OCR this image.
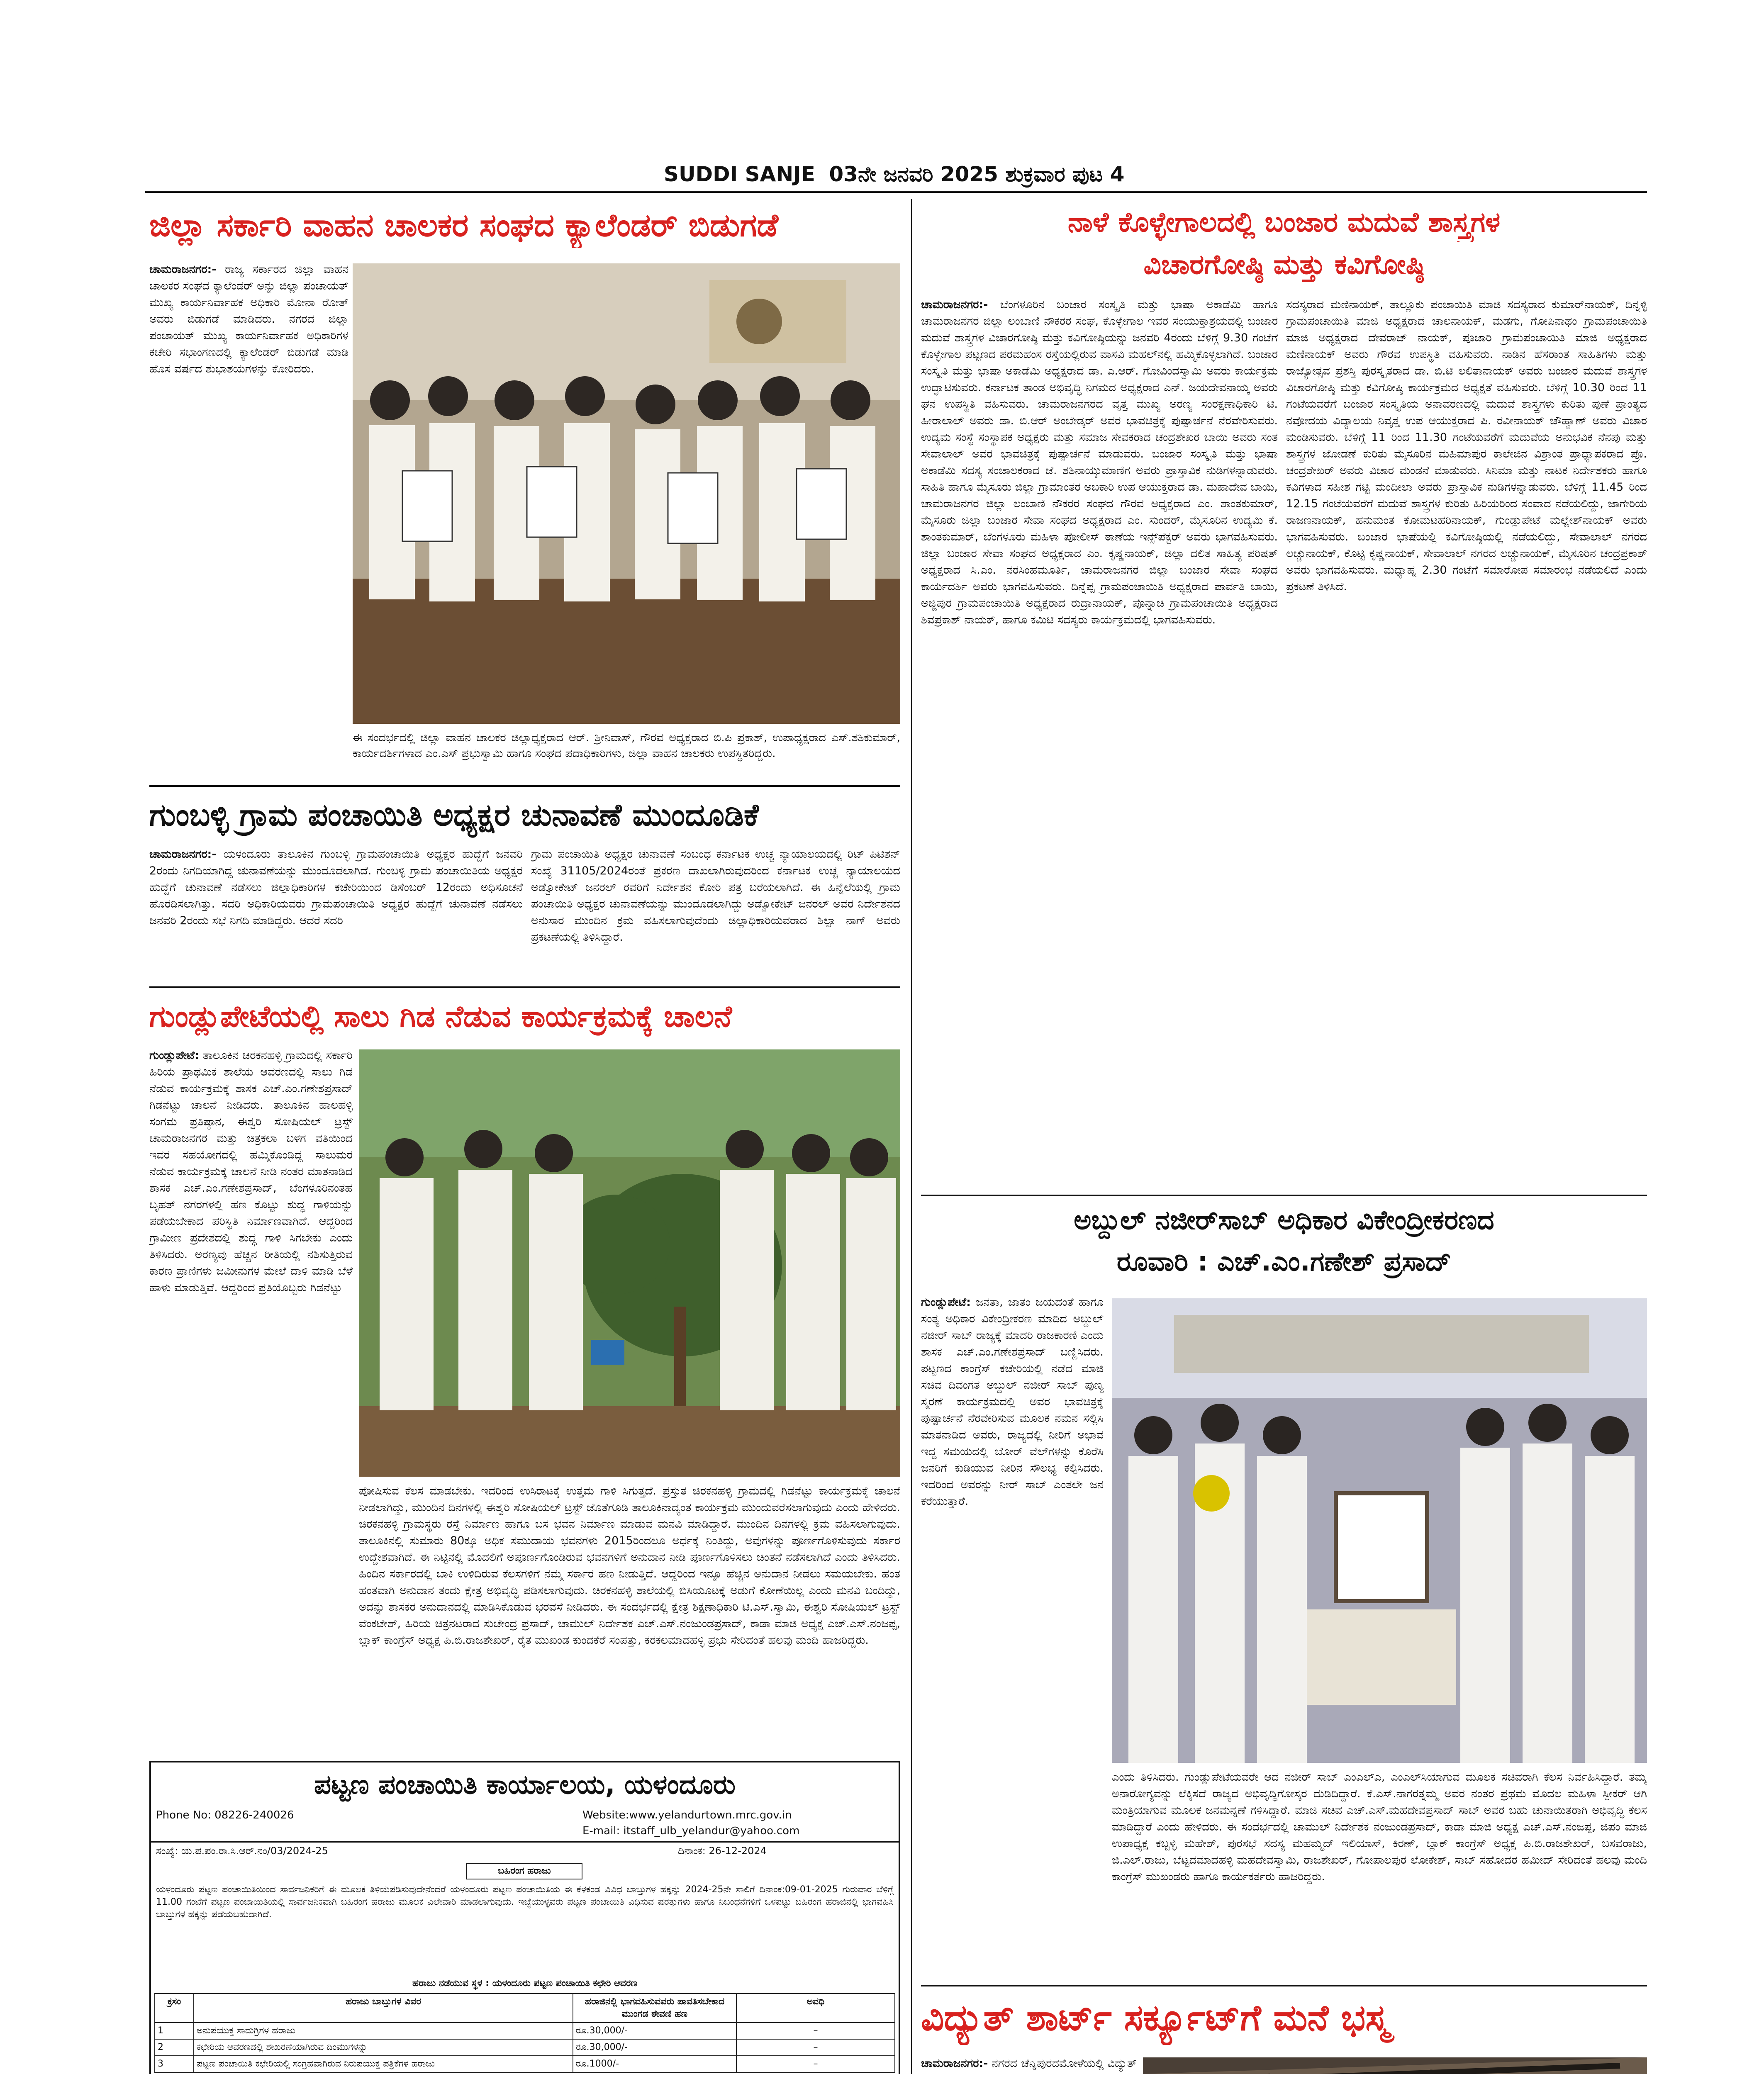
SUDDI SANJE 03ನೇ ಜನವರಿ 2025 ಶುಕ್ರವಾರ ಪುಟ 4
ಜಿಲ್ಲಾ ಸರ್ಕಾರಿ ವಾಹನ ಚಾಲಕರ ಸಂಘದ ಕ್ಯಾಲೆಂಡರ್ ಬಿಡುಗಡೆ
ಚಾಮರಾಜನಗರ:- ರಾಜ್ಯ ಸರ್ಕಾರದ ಜಿಲ್ಲಾ ವಾಹನ ಚಾಲಕರ ಸಂಘದ ಕ್ಯಾಲೆಂಡರ್ ಅನ್ನು ಜಿಲ್ಲಾ ಪಂಚಾಯತ್ ಮುಖ್ಯ ಕಾರ್ಯನಿರ್ವಾಹಕ ಅಧಿಕಾರಿ ಮೋನಾ ರೋತ್ ಅವರು ಬಿಡುಗಡೆ ಮಾಡಿದರು. ನಗರದ ಜಿಲ್ಲಾ ಪಂಚಾಯತ್ ಮುಖ್ಯ ಕಾರ್ಯನಿರ್ವಾಹಕ ಅಧಿಕಾರಿಗಳ ಕಚೇರಿ ಸಭಾಂಗಣದಲ್ಲಿ ಕ್ಯಾಲೆಂಡರ್ ಬಿಡುಗಡೆ ಮಾಡಿ ಹೊಸ ವರ್ಷದ ಶುಭಾಶಯಗಳನ್ನು ಕೋರಿದರು.
ಈ ಸಂದರ್ಭದಲ್ಲಿ ಜಿಲ್ಲಾ ವಾಹನ ಚಾಲಕರ ಜಿಲ್ಲಾಧ್ಯಕ್ಷರಾದ ಆರ್. ಶ್ರೀನಿವಾಸ್, ಗೌರವ ಅಧ್ಯಕ್ಷರಾದ ಬಿ.ಪಿ ಪ್ರಕಾಶ್, ಉಪಾಧ್ಯಕ್ಷರಾದ ಎಸ್.ಶಶಿಕುಮಾರ್, ಕಾರ್ಯದರ್ಶಿಗಳಾದ ಎಂ.ಎಸ್ ಪ್ರಭುಸ್ವಾಮಿ ಹಾಗೂ ಸಂಘದ ಪದಾಧಿಕಾರಿಗಳು, ಜಿಲ್ಲಾ ವಾಹನ ಚಾಲಕರು ಉಪಸ್ಥಿತರಿದ್ದರು.
ಗುಂಬಳ್ಳಿ ಗ್ರಾಮ ಪಂಚಾಯಿತಿ ಅಧ್ಯಕ್ಷರ ಚುನಾವಣೆ ಮುಂದೂಡಿಕೆ
ಚಾಮರಾಜನಗರ:- ಯಳಂದೂರು ತಾಲೂಕಿನ ಗುಂಬಳ್ಳಿ ಗ್ರಾಮಪಂಚಾಯಿತಿ ಅಧ್ಯಕ್ಷರ ಹುದ್ದೆಗೆ ಜನವರಿ 2ರಂದು ನಿಗದಿಯಾಗಿದ್ದ ಚುನಾವಣೆಯನ್ನು ಮುಂದೂಡಲಾಗಿದೆ. ಗುಂಬಳ್ಳಿ ಗ್ರಾಮ ಪಂಚಾಯಿತಿಯ ಅಧ್ಯಕ್ಷರ ಹುದ್ದೆಗೆ ಚುನಾವಣೆ ನಡೆಸಲು ಜಿಲ್ಲಾಧಿಕಾರಿಗಳ ಕಚೇರಿಯಿಂದ ಡಿಸೆಂಬರ್ 12ರಂದು ಅಧಿಸೂಚನೆ ಹೊರಡಿಸಲಾಗಿತ್ತು. ಸದರಿ ಅಧಿಕಾರಿಯವರು ಗ್ರಾಮಪಂಚಾಯಿತಿ ಅಧ್ಯಕ್ಷರ ಹುದ್ದೆಗೆ ಚುನಾವಣೆ ನಡೆಸಲು ಜನವರಿ 2ರಂದು ಸಭೆ ನಿಗದಿ ಮಾಡಿದ್ದರು. ಆದರೆ ಸದರಿ
ಗ್ರಾಮ ಪಂಚಾಯಿತಿ ಅಧ್ಯಕ್ಷರ ಚುನಾವಣೆ ಸಂಬಂಧ ಕರ್ನಾಟಕ ಉಚ್ಚ ನ್ಯಾಯಾಲಯದಲ್ಲಿ ರಿಟ್ ಪಿಟಿಶನ್ ಸಂಖ್ಯೆ 31105/2024ರಂತೆ ಪ್ರಕರಣ ದಾಖಲಾಗಿರುವುದರಿಂದ ಕರ್ನಾಟಕ ಉಚ್ಚ ನ್ಯಾಯಾಲಯದ ಅಡ್ವೋಕೇಟ್ ಜನರಲ್ ರವರಿಗೆ ನಿರ್ದೇಶನ ಕೋರಿ ಪತ್ರ ಬರೆಯಲಾಗಿದೆ. ಈ ಹಿನ್ನೆಲೆಯಲ್ಲಿ ಗ್ರಾಮ ಪಂಚಾಯಿತಿ ಅಧ್ಯಕ್ಷರ ಚುನಾವಣೆಯನ್ನು ಮುಂದೂಡಲಾಗಿದ್ದು ಅಡ್ವೋಕೇಟ್ ಜನರಲ್ ಅವರ ನಿರ್ದೇಶನದ ಅನುಸಾರ ಮುಂದಿನ ಕ್ರಮ ವಹಿಸಲಾಗುವುದೆಂದು ಜಿಲ್ಲಾಧಿಕಾರಿಯವರಾದ ಶಿಲ್ಪಾ ನಾಗ್ ಅವರು ಪ್ರಕಟಣೆಯಲ್ಲಿ ತಿಳಿಸಿದ್ದಾರೆ.
ಗುಂಡ್ಲುಪೇಟೆಯಲ್ಲಿ ಸಾಲು ಗಿಡ ನೆಡುವ ಕಾರ್ಯಕ್ರಮಕ್ಕೆ ಚಾಲನೆ
ಗುಂಡ್ಲುಪೇಟೆ: ತಾಲೂಕಿನ ಚಿರಕನಹಳ್ಳಿ ಗ್ರಾಮದಲ್ಲಿ ಸರ್ಕಾರಿ ಹಿರಿಯ ಪ್ರಾಥಮಿಕ ಶಾಲೆಯ ಆವರಣದಲ್ಲಿ ಸಾಲು ಗಿಡ ನೆಡುವ ಕಾರ್ಯಕ್ರಮಕ್ಕೆ ಶಾಸಕ ಎಚ್.ಎಂ.ಗಣೇಶಪ್ರಸಾದ್ ಗಿಡನೆಟ್ಟು ಚಾಲನೆ ನೀಡಿದರು. ತಾಲೂಕಿನ ಹಾಲಹಳ್ಳಿ ಸಂಗಮ ಪ್ರತಿಷ್ಠಾನ, ಈಶ್ವರಿ ಸೋಷಿಯಲ್ ಟ್ರಸ್ಟ್ ಚಾಮರಾಜನಗರ ಮತ್ತು ಚಿತ್ರಕಲಾ ಬಳಗ ವತಿಯಿಂದ ಇವರ ಸಹಯೋಗದಲ್ಲಿ ಹಮ್ಮಿಕೊಂಡಿದ್ದ ಸಾಲುಮರ ನೆಡುವ ಕಾರ್ಯಕ್ರಮಕ್ಕೆ ಚಾಲನೆ ನೀಡಿ ನಂತರ ಮಾತನಾಡಿದ ಶಾಸಕ ಎಚ್.ಎಂ.ಗಣೇಶಪ್ರಸಾದ್, ಬೆಂಗಳೂರಿನಂತಹ ಬೃಹತ್ ನಗರಗಳಲ್ಲಿ ಹಣ ಕೊಟ್ಟು ಶುದ್ಧ ಗಾಳಿಯನ್ನು ಪಡೆಯಬೇಕಾದ ಪರಿಸ್ಥಿತಿ ನಿರ್ಮಾಣವಾಗಿದೆ. ಆದ್ದರಿಂದ ಗ್ರಾಮೀಣ ಪ್ರದೇಶದಲ್ಲಿ ಶುದ್ಧ ಗಾಳಿ ಸಿಗಬೇಕು ಎಂದು ತಿಳಿಸಿದರು. ಅರಣ್ಯವು ಹೆಚ್ಚಿನ ರೀತಿಯಲ್ಲಿ ನಶಿಸುತ್ತಿರುವ ಕಾರಣ ಪ್ರಾಣಿಗಳು ಜಮೀನುಗಳ ಮೇಲೆ ದಾಳಿ ಮಾಡಿ ಬೆಳೆ ಹಾಳು ಮಾಡುತ್ತಿವೆ. ಆದ್ದರಿಂದ ಪ್ರತಿಯೊಬ್ಬರು ಗಿಡನೆಟ್ಟು
ಪೋಷಿಸುವ ಕೆಲಸ ಮಾಡಬೇಕು. ಇದರಿಂದ ಉಸಿರಾಟಕ್ಕೆ ಉತ್ತಮ ಗಾಳಿ ಸಿಗುತ್ತದೆ. ಪ್ರಸ್ತುತ ಚಿರಕನಹಳ್ಳಿ ಗ್ರಾಮದಲ್ಲಿ ಗಿಡನೆಟ್ಟು ಕಾರ್ಯಕ್ರಮಕ್ಕೆ ಚಾಲನೆ ನೀಡಲಾಗಿದ್ದು, ಮುಂದಿನ ದಿನಗಳಲ್ಲಿ ಈಶ್ವರಿ ಸೋಷಿಯಲ್ ಟ್ರಸ್ಟ್ ಜೊತೆಗೂಡಿ ತಾಲೂಕಿನಾದ್ಯಂತ ಕಾರ್ಯಕ್ರಮ ಮುಂದುವರೆಸಲಾಗುವುದು ಎಂದು ಹೇಳಿದರು. ಚಿರಕನಹಳ್ಳಿ ಗ್ರಾಮಸ್ಥರು ರಸ್ತೆ ನಿರ್ಮಾಣ ಹಾಗೂ ಬಸ ಭವನ ನಿರ್ಮಾಣ ಮಾಡುವ ಮನವಿ ಮಾಡಿದ್ದಾರೆ. ಮುಂದಿನ ದಿನಗಳಲ್ಲಿ ಕ್ರಮ ವಹಿಸಲಾಗುವುದು. ತಾಲೂಕಿನಲ್ಲಿ ಸುಮಾರು 80ಕ್ಕೂ ಅಧಿಕ ಸಮುದಾಯ ಭವನಗಳು 2015ರಿಂದಲೂ ಅರ್ಧಕ್ಕೆ ನಿಂತಿದ್ದು, ಅವುಗಳನ್ನು ಪೂರ್ಣಗೊಳಿಸುವುದು ಸರ್ಕಾರ ಉದ್ದೇಶವಾಗಿದೆ. ಈ ನಿಟ್ಟಿನಲ್ಲಿ ಮೊದಲಿಗೆ ಅಪೂರ್ಣಗೊಂಡಿರುವ ಭವನಗಳಿಗೆ ಅನುದಾನ ನೀಡಿ ಪೂರ್ಣಗೊಳಿಸಲು ಚಿಂತನೆ ನಡೆಸಲಾಗಿದೆ ಎಂದು ತಿಳಿಸಿದರು. ಹಿಂದಿನ ಸರ್ಕಾರದಲ್ಲಿ ಬಾಕಿ ಉಳಿದಿರುವ ಕೆಲಸಗಳಿಗೆ ನಮ್ಮ ಸರ್ಕಾರ ಹಣ ನೀಡುತ್ತಿದೆ. ಆದ್ದರಿಂದ ಇನ್ನೂ ಹೆಚ್ಚಿನ ಅನುದಾನ ನೀಡಲು ಸಮಯಬೇಕು. ಹಂತ ಹಂತವಾಗಿ ಅನುದಾನ ತಂದು ಕ್ಷೇತ್ರ ಅಭಿವೃದ್ಧಿ ಪಡಿಸಲಾಗುವುದು. ಚಿರಕನಹಳ್ಳಿ ಶಾಲೆಯಲ್ಲಿ ಬಿಸಿಯೂಟಕ್ಕೆ ಅಡುಗೆ ಕೋಣೆಯಿಲ್ಲ ಎಂದು ಮನವಿ ಬಂದಿದ್ದು, ಅದನ್ನು ಶಾಸಕರ ಅನುದಾನದಲ್ಲಿ ಮಾಡಿಸಿಕೊಡುವ ಭರವಸೆ ನೀಡಿದರು. ಈ ಸಂದರ್ಭದಲ್ಲಿ ಕ್ಷೇತ್ರ ಶಿಕ್ಷಣಾಧಿಕಾರಿ ಟಿ.ಎಸ್.ಸ್ವಾಮಿ, ಈಶ್ವರಿ ಸೋಷಿಯಲ್ ಟ್ರಸ್ಟ್ ವೆಂಕಟೇಶ್, ಹಿರಿಯ ಚಿತ್ರನಟರಾದ ಸುಚೇಂದ್ರ ಪ್ರಸಾದ್, ಚಾಮುಲ್ ನಿರ್ದೇಶಕ ಎಚ್.ಎಸ್.ನಂಜುಂಡಪ್ರಸಾದ್, ಕಾಡಾ ಮಾಜಿ ಅಧ್ಯಕ್ಷ ಎಚ್.ಎಸ್.ನಂಜಪ್ಪ, ಬ್ಲಾಕ್ ಕಾಂಗ್ರೆಸ್ ಅಧ್ಯಕ್ಷ ಪಿ.ಬಿ.ರಾಜಶೇಖರ್, ರೈತ ಮುಖಂಡ ಕುಂದಕೆರೆ ಸಂಪತ್ತು, ಕರಕಲಮಾದಹಳ್ಳಿ ಪ್ರಭು ಸೇರಿದಂತೆ ಹಲವು ಮಂದಿ ಹಾಜರಿದ್ದರು.
ಪಟ್ಟಣ ಪಂಚಾಯಿತಿ ಕಾರ್ಯಾಲಯ, ಯಳಂದೂರು
Phone No: 08226-240026	Website:www.yelandurtown.mrc.gov.in
E-mail: itstaff_ulb_yelandur@yahoo.com
ಸಂಖ್ಯೆ: ಯ.ಪ.ಪಂ.ರಾ.ಸಿ.ಆರ್.ನಂ/03/2024-25	ದಿನಾಂಕ: 26-12-2024
ಬಹಿರಂಗ ಹರಾಜು
ಯಳಂದೂರು ಪಟ್ಟಣ ಪಂಚಾಯಿತಿಯಿಂದ ಸಾರ್ವಜನಿಕರಿಗೆ ಈ ಮೂಲಕ ತಿಳಿಯಪಡಿಸುವುದೇನೆಂದರೆ ಯಳಂದೂರು ಪಟ್ಟಣ ಪಂಚಾಯಿತಿಯ ಈ ಕೆಳಕಂಡ ವಿವಿಧ ಬಾಬ್ತುಗಳ ಹಕ್ಕನ್ನು 2024-25ನೇ ಸಾಲಿಗೆ ದಿನಾಂಕ:09-01-2025 ಗುರುವಾರ ಬೆಳಿಗ್ಗೆ 11.00 ಗಂಟೆಗೆ ಪಟ್ಟಣ ಪಂಚಾಯಿತಿಯಲ್ಲಿ ಸಾರ್ವಜನಿಕವಾಗಿ ಬಹಿರಂಗ ಹರಾಜು ಮೂಲಕ ವಿಲೇವಾರಿ ಮಾಡಲಾಗುವುದು. ಇಚ್ಛೆಯುಳ್ಳವರು ಪಟ್ಟಣ ಪಂಚಾಯಿತಿ ವಿಧಿಸುವ ಷರತ್ತುಗಳು ಹಾಗೂ ನಿಬಂಧನೆಗಳಿಗೆ ಒಳಪಟ್ಟು ಬಹಿರಂಗ ಹರಾಜಿನಲ್ಲಿ ಭಾಗವಹಿಸಿ ಬಾಬ್ತುಗಳ ಹಕ್ಕನ್ನು ಪಡೆಯಬಹುದಾಗಿದೆ.
ಹರಾಜು ನಡೆಯುವ ಸ್ಥಳ : ಯಳಂದೂರು ಪಟ್ಟಣ ಪಂಚಾಯಿತಿ ಕಛೇರಿ ಆವರಣ
ಕ್ರಸಂ	ಹರಾಜು ಬಾಬ್ತುಗಳ ವಿವರ	ಹರಾಜಿನಲ್ಲಿ ಭಾಗವಹಿಸುವವರು ಪಾವತಿಸಬೇಕಾದ ಮುಂಗಡ ಠೇವಣಿ ಹಣ	ಅವಧಿ
1	ಅನುಪಯುಕ್ತ ಸಾಮಗ್ರಿಗಳ ಹರಾಜು	ರೂ.30,000/-	–
2	ಕಛೇರಿಯ ಆವರಣದಲ್ಲಿ ಶೇಖರಣೆಯಾಗಿರುವ ದಿಂಮುಗಳನ್ನು	ರೂ.30,000/-	–
3	ಪಟ್ಟಣ ಪಂಚಾಯಿತಿ ಕಛೇರಿಯಲ್ಲಿ ಸಂಗ್ರಹವಾಗಿರುವ ನಿರುಪಯುಕ್ತ ಪತ್ರಿಕೆಗಳ ಹರಾಜು	ರೂ.1000/-	–

ನಾಳೆ ಕೊಳ್ಳೇಗಾಲದಲ್ಲಿ ಬಂಜಾರ ಮದುವೆ ಶಾಸ್ತ್ರಗಳ
ವಿಚಾರಗೋಷ್ಠಿ ಮತ್ತು ಕವಿಗೋಷ್ಠಿ
ಚಾಮರಾಜನಗರ:- ಬೆಂಗಳೂರಿನ ಬಂಜಾರ ಸಂಸ್ಕೃತಿ ಮತ್ತು ಭಾಷಾ ಅಕಾಡೆಮಿ ಹಾಗೂ ಚಾಮರಾಜನಗರ ಜಿಲ್ಲಾ ಲಂಬಾಣಿ ನೌಕರರ ಸಂಘ, ಕೊಳ್ಳೇಗಾಲ ಇವರ ಸಂಯುಕ್ತಾಶ್ರಯದಲ್ಲಿ ಬಂಜಾರ ಮದುವೆ ಶಾಸ್ತ್ರಗಳ ವಿಚಾರಗೋಷ್ಠಿ ಮತ್ತು ಕವಿಗೋಷ್ಠಿಯನ್ನು ಜನವರಿ 4ರಂದು ಬೆಳಿಗ್ಗೆ 9.30 ಗಂಟೆಗೆ ಕೊಳ್ಳೇಗಾಲ ಪಟ್ಟಣದ ಪರಮಹಂಸ ರಸ್ತೆಯಲ್ಲಿರುವ ವಾಸವಿ ಮಹಲ್‌ನಲ್ಲಿ ಹಮ್ಮಿಕೊಳ್ಳಲಾಗಿದೆ. ಬಂಜಾರ ಸಂಸ್ಕೃತಿ ಮತ್ತು ಭಾಷಾ ಅಕಾಡೆಮಿ ಅಧ್ಯಕ್ಷರಾದ ಡಾ. ಎ.ಆರ್. ಗೋವಿಂದಸ್ವಾಮಿ ಅವರು ಕಾರ್ಯಕ್ರಮ ಉದ್ಘಾಟಿಸುವರು. ಕರ್ನಾಟಕ ತಾಂಡ ಅಭಿವೃದ್ಧಿ ನಿಗಮದ ಅಧ್ಯಕ್ಷರಾದ ಎನ್. ಜಯದೇವನಾಯ್ಕ ಅವರು ಘನ ಉಪಸ್ಥಿತಿ ವಹಿಸುವರು. ಚಾಮರಾಜನಗರದ ವೃತ್ತ ಮುಖ್ಯ ಅರಣ್ಯ ಸಂರಕ್ಷಣಾಧಿಕಾರಿ ಟಿ. ಹೀರಾಲಾಲ್ ಅವರು ಡಾ. ಬಿ.ಆರ್ ಅಂಬೇಡ್ಕರ್ ಅವರ ಭಾವಚಿತ್ರಕ್ಕೆ ಪುಷ್ಪಾರ್ಚನೆ ನೆರವೇರಿಸುವರು. ಉದ್ಯಮ ಸಂಸ್ಥೆ ಸಂಸ್ಥಾಪಕ ಅಧ್ಯಕ್ಷರು ಮತ್ತು ಸಮಾಜ ಸೇವಕರಾದ ಚಂದ್ರಶೇಖರ ಬಾಯಿ ಅವರು ಸಂತ ಸೇವಾಲಾಲ್ ಅವರ ಭಾವಚಿತ್ರಕ್ಕೆ ಪುಷ್ಪಾರ್ಚನೆ ಮಾಡುವರು. ಬಂಜಾರ ಸಂಸ್ಕೃತಿ ಮತ್ತು ಭಾಷಾ ಅಕಾಡೆಮಿ ಸದಸ್ಯ ಸಂಚಾಲಕರಾದ ಜೆ. ಶಶಿನಾಯ್ಕುಮಾಣಿಗ ಅವರು ಪ್ರಾಸ್ತಾವಿಕ ನುಡಿಗಳನ್ನಾಡುವರು. ಸಾಹಿತಿ ಹಾಗೂ ಮೈಸೂರು ಜಿಲ್ಲಾ ಗ್ರಾಮಾಂತರ ಅಬಕಾರಿ ಉಪ ಆಯುಕ್ತರಾದ ಡಾ. ಮಹಾದೇವ ಬಾಯಿ, ಚಾಮರಾಜನಗರ ಜಿಲ್ಲಾ ಲಂಬಾಣಿ ನೌಕರರ ಸಂಘದ ಗೌರವ ಅಧ್ಯಕ್ಷರಾದ ಎಂ. ಶಾಂತಕುಮಾರ್, ಮೈಸೂರು ಜಿಲ್ಲಾ ಬಂಜಾರ ಸೇವಾ ಸಂಘದ ಅಧ್ಯಕ್ಷರಾದ ಎಂ. ಸುಂದರ್, ಮೈಸೂರಿನ ಉದ್ಯಮಿ ಕೆ. ಶಾಂತಕುಮಾರ್, ಬೆಂಗಳೂರು ಮಹಿಳಾ ಪೋಲೀಸ್ ಠಾಣೆಯ ಇನ್ಸ್‌ಪೆಕ್ಟರ್ ಅವರು ಭಾಗವಹಿಸುವರು. ಜಿಲ್ಲಾ ಬಂಜಾರ ಸೇವಾ ಸಂಘದ ಅಧ್ಯಕ್ಷರಾದ ಎಂ. ಕೃಷ್ಣನಾಯಕ್, ಜಿಲ್ಲಾ ದಲಿತ ಸಾಹಿತ್ಯ ಪರಿಷತ್ ಅಧ್ಯಕ್ಷರಾದ ಸಿ.ಎಂ. ನರಸಿಂಹಮೂರ್ತಿ, ಚಾಮರಾಜನಗರ ಜಿಲ್ಲಾ ಬಂಜಾರ ಸೇವಾ ಸಂಘದ ಕಾರ್ಯದರ್ಶಿ ಅವರು ಭಾಗವಹಿಸುವರು. ದಿನ್ನೆಪ್ಪ ಗ್ರಾಮಪಂಚಾಯಿತಿ ಅಧ್ಯಕ್ಷರಾದ ಪಾರ್ವತಿ ಬಾಯಿ, ಅಜ್ಜಿಪುರ ಗ್ರಾಮಪಂಚಾಯಿತಿ ಅಧ್ಯಕ್ಷರಾದ ರುದ್ರಾನಾಯಕ್, ಪೊನ್ನಾಚಿ ಗ್ರಾಮಪಂಚಾಯಿತಿ ಅಧ್ಯಕ್ಷರಾದ ಶಿವಪ್ರಕಾಶ್ ನಾಯಕ್, ಹಾಗೂ ಕಮಿಟಿ ಸದಸ್ಯರು ಕಾರ್ಯಕ್ರಮದಲ್ಲಿ ಭಾಗವಹಿಸುವರು.
ಸದಸ್ಯರಾದ ಮಣಿನಾಯಕ್, ತಾಲ್ಲೂಕು ಪಂಚಾಯಿತಿ ಮಾಜಿ ಸದಸ್ಯರಾದ ಕುಮಾರ್‌ನಾಯಕ್, ದಿನ್ನಳ್ಳಿ ಗ್ರಾಮಪಂಚಾಯಿತಿ ಮಾಜಿ ಅಧ್ಯಕ್ಷರಾದ ಚಾಲನಾಯಕ್, ಮಡಗು, ಗೋಪಿನಾಥಂ ಗ್ರಾಮಪಂಚಾಯಿತಿ ಮಾಜಿ ಅಧ್ಯಕ್ಷರಾದ ದೇವರಾಜ್ ನಾಯಕ್, ಪೂಜಾರಿ ಗ್ರಾಮಪಂಚಾಯಿತಿ ಮಾಜಿ ಅಧ್ಯಕ್ಷರಾದ ಮಣಿನಾಯಕ್ ಅವರು ಗೌರವ ಉಪಸ್ಥಿತಿ ವಹಿಸುವರು. ನಾಡಿನ ಹೆಸರಾಂತ ಸಾಹಿತಿಗಳು ಮತ್ತು ರಾಜ್ಯೋತ್ಸವ ಪ್ರಶಸ್ತಿ ಪುರಸ್ಕೃತರಾದ ಡಾ. ಬಿ.ಟಿ ಲಲಿತಾನಾಯಕ್ ಅವರು ಬಂಜಾರ ಮದುವೆ ಶಾಸ್ತ್ರಗಳ ವಿಚಾರಗೋಷ್ಠಿ ಮತ್ತು ಕವಿಗೋಷ್ಠಿ ಕಾರ್ಯಕ್ರಮದ ಅಧ್ಯಕ್ಷತೆ ವಹಿಸುವರು. ಬೆಳಿಗ್ಗೆ 10.30 ರಿಂದ 11 ಗಂಟೆಯವರೆಗೆ ಬಂಜಾರ ಸಂಸ್ಕೃತಿಯ ಅನಾವರಣದಲ್ಲಿ ಮದುವೆ ಶಾಸ್ತ್ರಗಳು ಕುರಿತು ಪುಣೆ ಪ್ರಾಂತ್ಯದ ನವೋದಯ ವಿದ್ಯಾಲಯ ನಿವೃತ್ತ ಉಪ ಆಯುಕ್ತರಾದ ಪಿ. ರವೀನಾಯಕ್ ಚೌಹ್ವಾಣ್ ಅವರು ವಿಚಾರ ಮಂಡಿಸುವರು. ಬೆಳಿಗ್ಗೆ 11 ರಿಂದ 11.30 ಗಂಟೆಯವರೆಗೆ ಮದುವೆಯ ಅನುಭವಿಕ ನೆನಪು ಮತ್ತು ಶಾಸ್ತ್ರಗಳ ಜೋಡಣೆ ಕುರಿತು ಮೈಸೂರಿನ ಮಹಿಮಾಪುರ ಕಾಲೇಜಿನ ವಿಶ್ರಾಂತ ಪ್ರಾಧ್ಯಾಪಕರಾದ ಪ್ರೊ. ಚಂದ್ರಶೇಖರ್ ಅವರು ವಿಚಾರ ಮಂಡನೆ ಮಾಡುವರು. ಸಿನಿಮಾ ಮತ್ತು ನಾಟಕ ನಿರ್ದೇಶಕರು ಹಾಗೂ ಕವಿಗಳಾದ ಸಹೀಶ ಗಟ್ಟಿ ಮಂದೀಲಾ ಅವರು ಪ್ರಾಸ್ತಾವಿಕ ನುಡಿಗಳನ್ನಾಡುವರು. ಬೆಳಿಗ್ಗೆ 11.45 ರಿಂದ 12.15 ಗಂಟೆಯವರೆಗೆ ಮದುವೆ ಶಾಸ್ತ್ರಗಳ ಕುರಿತು ಹಿರಿಯರಿಂದ ಸಂವಾದ ನಡೆಯಲಿದ್ದು, ಜಾಗೇರಿಯ ರಾಜಣನಾಯಕ್, ಹನುಮಂತ ಕೋಮಟಹರಿನಾಯಕ್, ಗುಂಡ್ಲುಪೇಟೆ ಮಲ್ಲೇಶ್‌ನಾಯಕ್ ಅವರು ಭಾಗವಹಿಸುವರು. ಬಂಜಾರ ಭಾಷೆಯಲ್ಲಿ ಕವಿಗೋಷ್ಠಿಯಲ್ಲಿ ನಡೆಯಲಿದ್ದು, ಸೇವಾಲಾಲ್ ನಗರದ ಲಚ್ಚುನಾಯಕ್, ಕೊಟ್ಟಿ ಕೃಷ್ಣನಾಯಕ್, ಸೇವಾಲಾಲ್ ನಗರದ ಲಚ್ಚುನಾಯಕ್, ಮೈಸೂರಿನ ಚಂದ್ರಪ್ರಕಾಶ್ ಅವರು ಭಾಗವಹಿಸುವರು. ಮಧ್ಯಾಹ್ನ 2.30 ಗಂಟೆಗೆ ಸಮಾರೋಪ ಸಮಾರಂಭ ನಡೆಯಲಿದೆ ಎಂದು ಪ್ರಕಟಣೆ ತಿಳಿಸಿದೆ.
ಅಬ್ದುಲ್ ನಜೀರ್‌ಸಾಬ್ ಅಧಿಕಾರ ವಿಕೇಂದ್ರೀಕರಣದ
ರೂವಾರಿ : ಎಚ್.ಎಂ.ಗಣೇಶ್ ಪ್ರಸಾದ್
ಗುಂಡ್ಲುಪೇಟೆ: ಜನತಾ, ಜಾತಂ ಜಯದಂತೆ ಹಾಗೂ ಸಂತ್ಯ ಅಧಿಕಾರ ವಿಕೇಂದ್ರೀಕರಣ ಮಾಡಿದ ಅಬ್ದುಲ್ ನಜೀರ್ ಸಾಬ್ ರಾಜ್ಯಕ್ಕೆ ಮಾದರಿ ರಾಜಕಾರಣಿ ಎಂದು ಶಾಸಕ ಎಚ್.ಎಂ.ಗಣೇಶಪ್ರಸಾದ್ ಬಣ್ಣಿಸಿದರು. ಪಟ್ಟಣದ ಕಾಂಗ್ರೆಸ್ ಕಚೇರಿಯಲ್ಲಿ ನಡೆದ ಮಾಜಿ ಸಚಿವ ದಿವಂಗತ ಅಬ್ದುಲ್ ನಜೀರ್ ಸಾಬ್ ಪುಣ್ಯ ಸ್ಮರಣೆ ಕಾರ್ಯಕ್ರಮದಲ್ಲಿ ಅವರ ಭಾವಚಿತ್ರಕ್ಕೆ ಪುಷ್ಪಾರ್ಚನೆ ನೆರವೇರಿಸುವ ಮೂಲಕ ನಮನ ಸಲ್ಲಿಸಿ ಮಾತನಾಡಿದ ಅವರು, ರಾಜ್ಯದಲ್ಲಿ ನೀರಿಗೆ ಅಭಾವ ಇದ್ದ ಸಮಯದಲ್ಲಿ ಬೋರ್ ವೆಲ್‌ಗಳನ್ನು ಕೊರೆಸಿ ಜನರಿಗೆ ಕುಡಿಯುವ ನೀರಿನ ಸೌಲಭ್ಯ ಕಲ್ಪಿಸಿದರು. ಇದರಿಂದ ಅವರನ್ನು ನೀರ್ ಸಾಬ್ ಎಂತಲೇ ಜನ ಕರೆಯುತ್ತಾರೆ.
ಎಂದು ತಿಳಿಸಿದರು. ಗುಂಡ್ಲುಪೇಟೆಯವರೇ ಆದ ನಜೀರ್ ಸಾಬ್ ಎಂಎಲ್‌ಎ, ಎಂಎಲ್‌ಸಿಯಾಗುವ ಮೂಲಕ ಸಚಿವರಾಗಿ ಕೆಲಸ ನಿರ್ವಹಿಸಿದ್ದಾರೆ. ತಮ್ಮ ಅನಾರೋಗ್ಯವನ್ನು ಲೆಕ್ಕಿಸದೆ ರಾಜ್ಯದ ಅಭಿವೃದ್ಧಿಗೋಸ್ಕರ ದುಡಿದಿದ್ದಾರೆ. ಕೆ.ಎಸ್.ನಾಗರತ್ನಮ್ಮ ಅವರ ನಂತರ ಪ್ರಥಮ ಮೊದಲ ಮಹಿಳಾ ಸ್ಪೀಕರ್ ಆಗಿ ಮಂತ್ರಿಯಾಗುವ ಮೂಲಕ ಜನಮನ್ನಣೆ ಗಳಿಸಿದ್ದಾರೆ. ಮಾಜಿ ಸಚಿವ ಎಚ್.ಎಸ್.ಮಹದೇವಪ್ರಸಾದ್ ಸಾಬ್ ಅವರ ಬಹು ಚುನಾಯಿತರಾಗಿ ಅಭಿವೃದ್ಧಿ ಕೆಲಸ ಮಾಡಿದ್ದಾರೆ ಎಂದು ಹೇಳಿದರು. ಈ ಸಂದರ್ಭದಲ್ಲಿ ಚಾಮುಲ್ ನಿರ್ದೇಶಕ ನಂಜುಂಡಪ್ರಸಾದ್, ಕಾಡಾ ಮಾಜಿ ಅಧ್ಯಕ್ಷ ಎಚ್.ಎಸ್.ನಂಜಪ್ಪ, ಜಿಪಂ ಮಾಜಿ ಉಪಾಧ್ಯಕ್ಷ ಕಬ್ಬಳ್ಳಿ ಮಹೇಶ್, ಪುರಸಭೆ ಸದಸ್ಯ ಮಹಮ್ಮದ್ ಇಲಿಯಾಸ್, ಕಿರಣ್, ಬ್ಲಾಕ್ ಕಾಂಗ್ರೆಸ್ ಅಧ್ಯಕ್ಷ ಪಿ.ಬಿ.ರಾಜಶೇಖರ್, ಬಸವರಾಜು, ಜಿ.ಎಲ್.ರಾಜು, ಬೆಟ್ಟದಮಾದಹಳ್ಳಿ ಮಹದೇವಸ್ವಾಮಿ, ರಾಜಶೇಖರ್, ಗೋಪಾಲಪುರ ಲೋಕೇಶ್, ಸಾಬ್ ಸಹೋದರ ಹಮೀದ್ ಸೇರಿದಂತೆ ಹಲವು ಮಂದಿ ಕಾಂಗ್ರೆಸ್ ಮುಖಂಡರು ಹಾಗೂ ಕಾರ್ಯಕರ್ತರು ಹಾಜರಿದ್ದರು.
ವಿದ್ಯುತ್ ಶಾರ್ಟ್ ಸರ್ಕ್ಯೂಟ್‌ಗೆ ಮನೆ ಭಸ್ಮ
ಚಾಮರಾಜನಗರ:- ನಗರದ ಚೆನ್ನಿಪುರದಮೋಳೆಯಲ್ಲಿ ವಿದ್ಯುತ್
